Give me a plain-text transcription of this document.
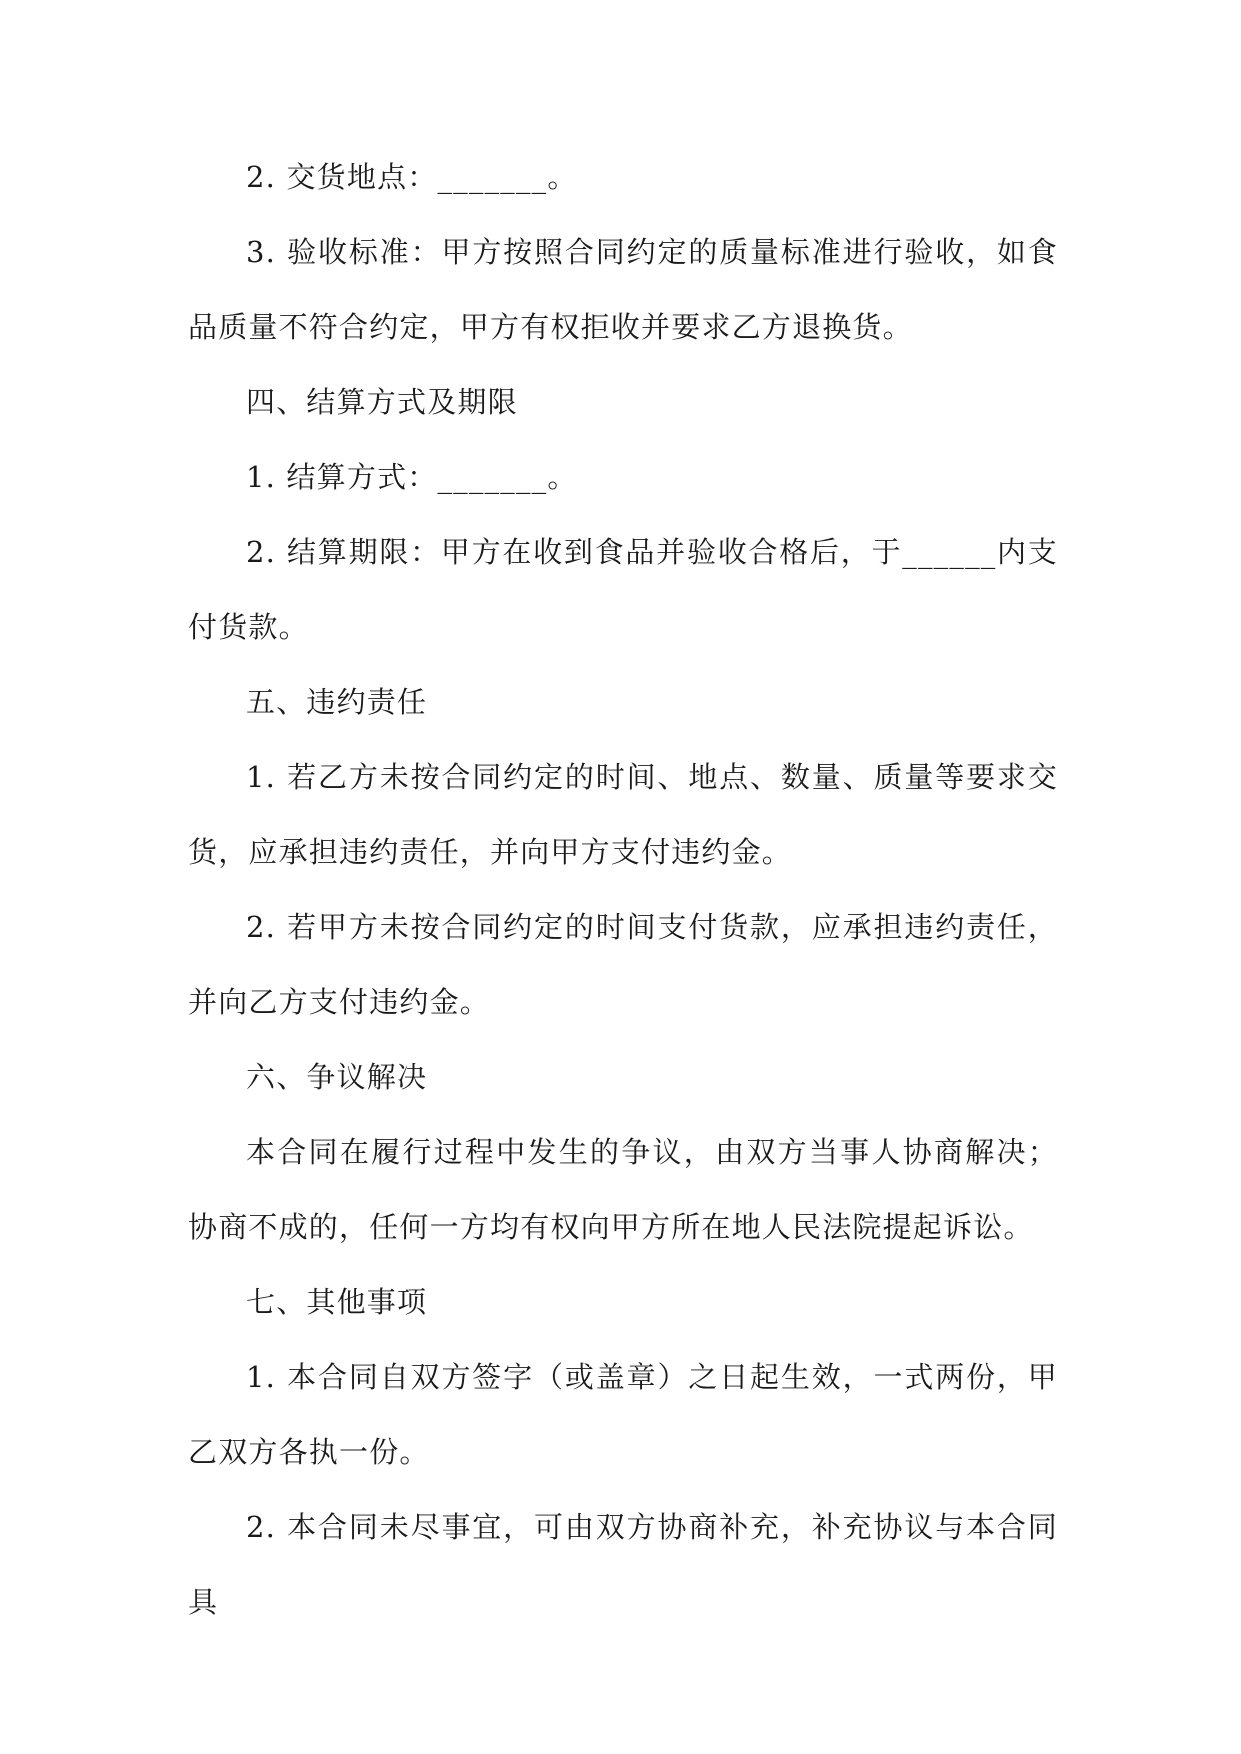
2. 交货地点：_______。

3. 验收标准：甲方按照合同约定的质量标准进行验收，如食品质量不符合约定，甲方有权拒收并要求乙方退换货。

四、结算方式及期限

1. 结算方式：_______。

2. 结算期限：甲方在收到食品并验收合格后，于______内支付货款。

五、违约责任

1. 若乙方未按合同约定的时间、地点、数量、质量等要求交货，应承担违约责任，并向甲方支付违约金。

2. 若甲方未按合同约定的时间支付货款，应承担违约责任，并向乙方支付违约金。

六、争议解决

本合同在履行过程中发生的争议，由双方当事人协商解决；协商不成的，任何一方均有权向甲方所在地人民法院提起诉讼。

七、其他事项

1. 本合同自双方签字（或盖章）之日起生效，一式两份，甲乙双方各执一份。

2. 本合同未尽事宜，可由双方协商补充，补充协议与本合同具
